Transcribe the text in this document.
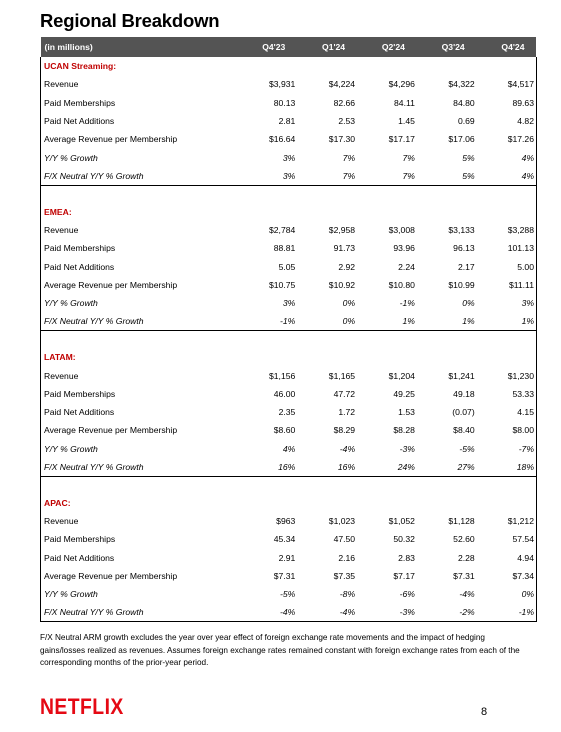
Regional Breakdown
(in millions)	Q4'23	Q1'24	Q2'24	Q3'24	Q4'24
UCAN Streaming:					
Revenue	$3,931	$4,224	$4,296	$4,322	$4,517
Paid Memberships	80.13	82.66	84.11	84.80	89.63
Paid Net Additions	2.81	2.53	1.45	0.69	4.82
Average Revenue per Membership	$16.64	$17.30	$17.17	$17.06	$17.26
Y/Y % Growth	3%	7%	7%	5%	4%
F/X Neutral Y/Y % Growth	3%	7%	7%	5%	4%

EMEA:					
Revenue	$2,784	$2,958	$3,008	$3,133	$3,288
Paid Memberships	88.81	91.73	93.96	96.13	101.13
Paid Net Additions	5.05	2.92	2.24	2.17	5.00
Average Revenue per Membership	$10.75	$10.92	$10.80	$10.99	$11.11
Y/Y % Growth	3%	0%	-1%	0%	3%
F/X Neutral Y/Y % Growth	-1%	0%	1%	1%	1%

LATAM:					
Revenue	$1,156	$1,165	$1,204	$1,241	$1,230
Paid Memberships	46.00	47.72	49.25	49.18	53.33
Paid Net Additions	2.35	1.72	1.53	(0.07)	4.15
Average Revenue per Membership	$8.60	$8.29	$8.28	$8.40	$8.00
Y/Y % Growth	4%	-4%	-3%	-5%	-7%
F/X Neutral Y/Y % Growth	16%	16%	24%	27%	18%

APAC:					
Revenue	$963	$1,023	$1,052	$1,128	$1,212
Paid Memberships	45.34	47.50	50.32	52.60	57.54
Paid Net Additions	2.91	2.16	2.83	2.28	4.94
Average Revenue per Membership	$7.31	$7.35	$7.17	$7.31	$7.34
Y/Y % Growth	-5%	-8%	-6%	-4%	0%
F/X Neutral Y/Y % Growth	-4%	-4%	-3%	-2%	-1%
F/X Neutral ARM growth excludes the year over year effect of foreign exchange rate movements and the impact of hedging gains/losses realized as revenues. Assumes foreign exchange rates remained constant with foreign exchange rates from each of the corresponding months of the prior-year period.
NETFLIX	8
